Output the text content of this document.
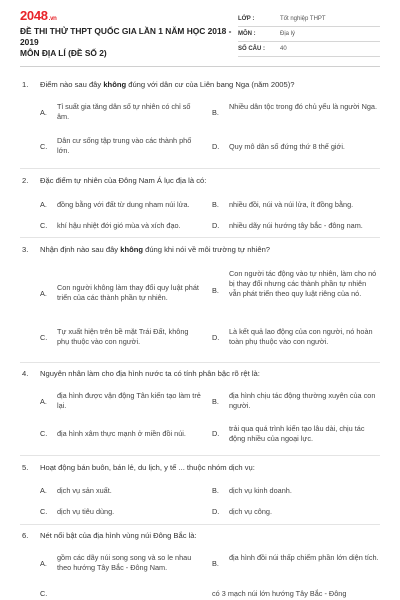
2048.vn
ĐỀ THI THỬ THPT QUỐC GIA LẦN 1 NĂM HỌC 2018 - 2019
MÔN ĐỊA LÍ (ĐỀ SỐ 2)
LỚP :	Tốt nghiệp THPT
MÔN :	Địa lý
SỐ CÂU :	40
1. Điểm nào sau đây không đúng với dân cư của Liên bang Nga (năm 2005)?
A.
Tỉ suất gia tăng dân số tự nhiên có chỉ số âm.	B.
Nhiều dân tộc trong đó chủ yếu là người Nga.
C.
Dân cư sống tập trung vào các thành phố lớn.	D. Quy mô dân số đứng thứ 8 thế giới.
2. Đặc điểm tự nhiên của Đông Nam Á lục địa là có:
A. đồng bằng với đất từ dung nham núi lửa.	B. nhiều đồi, núi và núi lửa, ít đồng bằng.
C. khí hậu nhiệt đới gió mùa và xích đạo.	D. nhiều dãy núi hướng tây bắc - đông nam.
3. Nhận định nào sau đây không đúng khi nói về môi trường tự nhiên?
A.
Con người không làm thay đổi quy luật phát triển của các thành phần tự nhiên.
B.
Con người tác động vào tự nhiên, làm cho nó bị thay đổi nhưng các thành phần tự nhiên vẫn phát triển theo quy luật riêng của nó.
C.
Tự xuất hiện trên bề mặt Trái Đất, không phụ thuộc vào con người.	D.
Là kết quả lao động của con người, nó hoàn toàn phụ thuộc vào con người.
4. Nguyên nhân làm cho địa hình nước ta có tính phân bậc rõ rệt là:
A.
địa hình được vận động Tân kiến tạo làm trẻ lại.	B.
địa hình chịu tác động thường xuyên của con người.
C. địa hình xâm thực mạnh ở miền đồi núi.	D.
trải qua quá trình kiến tạo lâu dài, chịu tác động nhiều của ngoại lực.
5. Hoạt động bán buôn, bán lẻ, du lịch, y tế ... thuộc nhóm dịch vụ:
A. dịch vụ sản xuất.	B. dịch vụ kinh doanh.
C. dịch vụ tiêu dùng.	D. dịch vụ công.
6. Nét nổi bật của địa hình vùng núi Đông Bắc là:
A.
gồm các dãy núi song song và so le nhau theo hướng Tây Bắc - Đông Nam.	B.
địa hình đồi núi thấp chiếm phần lớn diện tích.
C.	có 3 mạch núi lớn hướng Tây Bắc - Đông
